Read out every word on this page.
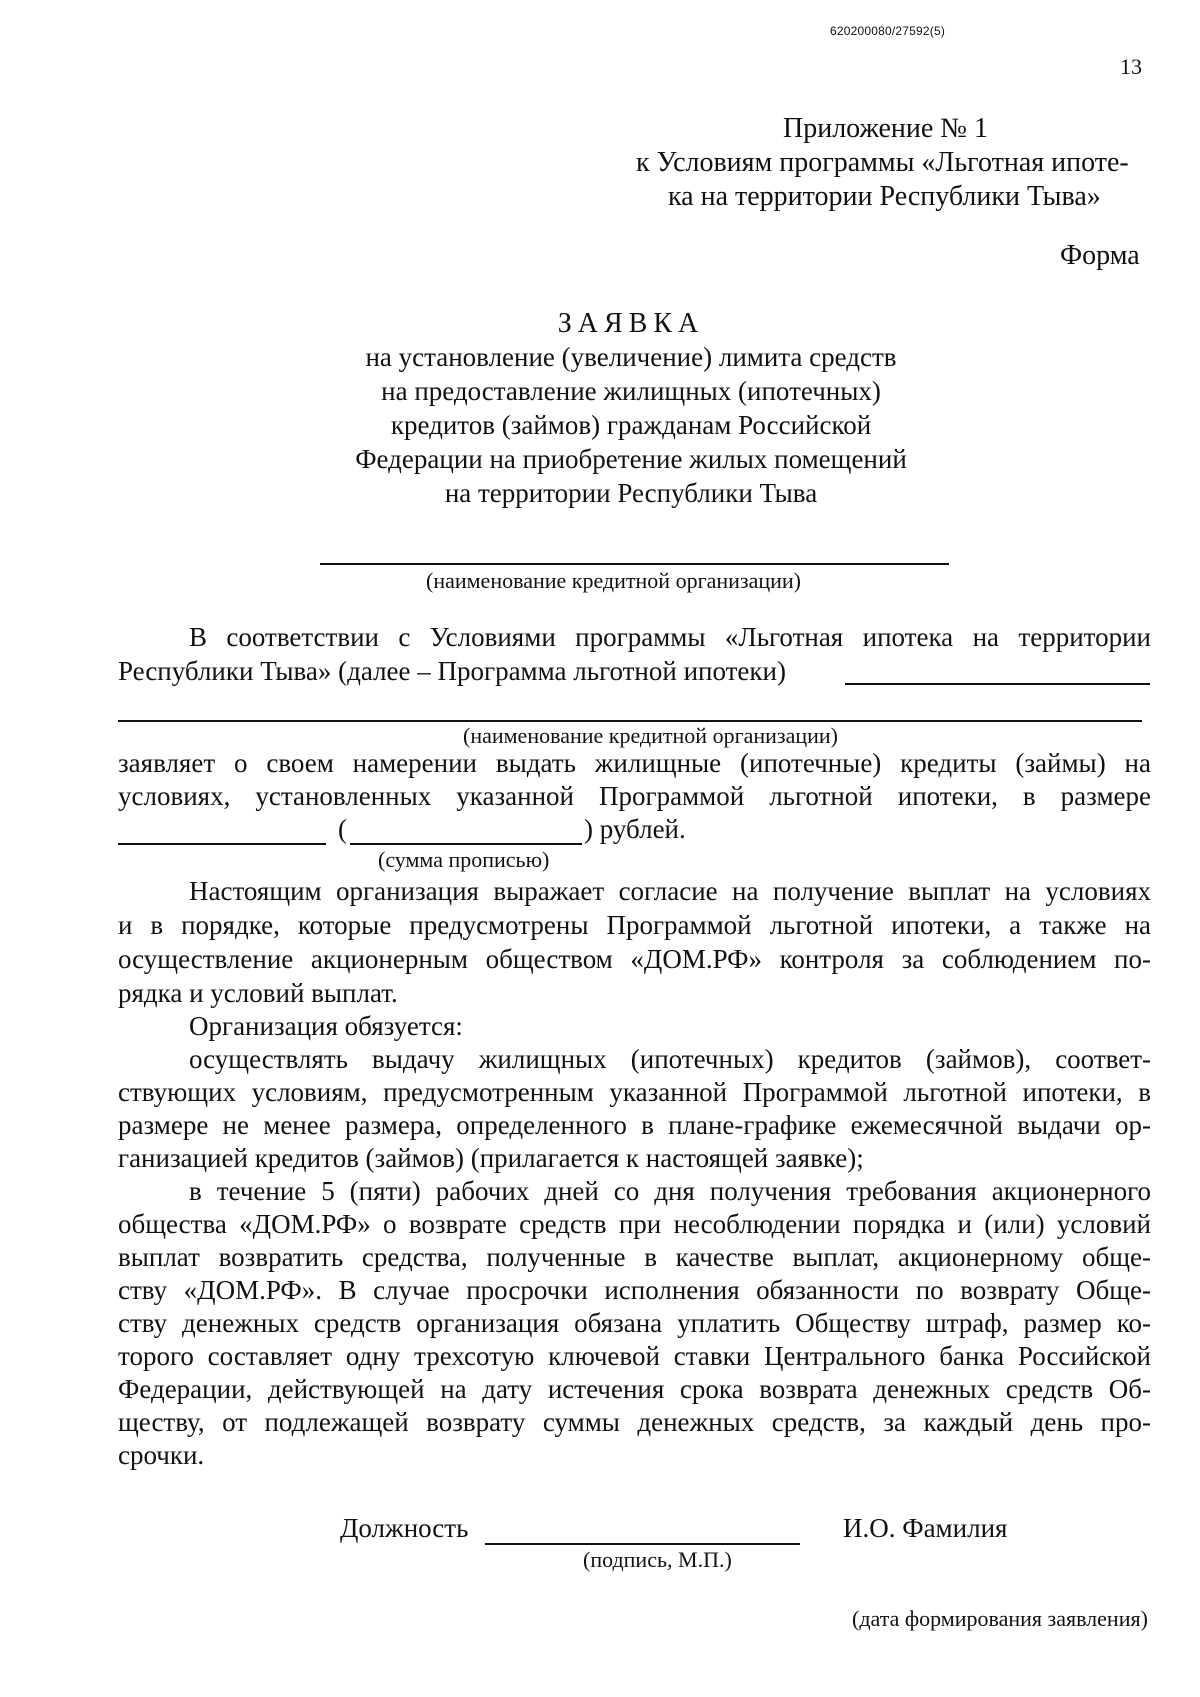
620200080/27592(5)
13
Приложение № 1
к Условиям программы «Льготная ипоте-
ка на территории Республики Тыва»
Форма
ЗАЯВКА
на установление (увеличение) лимита средств
на предоставление жилищных (ипотечных)
кредитов (займов) гражданам Российской
Федерации на приобретение жилых помещений
на территории Республики Тыва
(наименование кредитной организации)
В соответствии с Условиями программы «Льготная ипотека на территории
Республики Тыва» (далее – Программа льготной ипотеки)
(наименование кредитной организации)
заявляет о своем намерении выдать жилищные (ипотечные) кредиты (займы) на
условиях, установленных указанной Программой льготной ипотеки, в размере
(	) рублей.
(сумма прописью)
Настоящим организация выражает согласие на получение выплат на условиях
и в порядке, которые предусмотрены Программой льготной ипотеки, а также на
осуществление акционерным обществом «ДОМ.РФ» контроля за соблюдением по-
рядка и условий выплат.
Организация обязуется:
осуществлять выдачу жилищных (ипотечных) кредитов (займов), соответ-
ствующих условиям, предусмотренным указанной Программой льготной ипотеки, в
размере не менее размера, определенного в плане-графике ежемесячной выдачи ор-
ганизацией кредитов (займов) (прилагается к настоящей заявке);
в течение 5 (пяти) рабочих дней со дня получения требования акционерного
общества «ДОМ.РФ» о возврате средств при несоблюдении порядка и (или) условий
выплат возвратить средства, полученные в качестве выплат, акционерному обще-
ству «ДОМ.РФ». В случае просрочки исполнения обязанности по возврату Обще-
ству денежных средств организация обязана уплатить Обществу штраф, размер ко-
торого составляет одну трехсотую ключевой ставки Центрального банка Российской
Федерации, действующей на дату истечения срока возврата денежных средств Об-
ществу, от подлежащей возврату суммы денежных средств, за каждый день про-
срочки.
Должность	И.О. Фамилия
(подпись, М.П.)
(дата формирования заявления)
